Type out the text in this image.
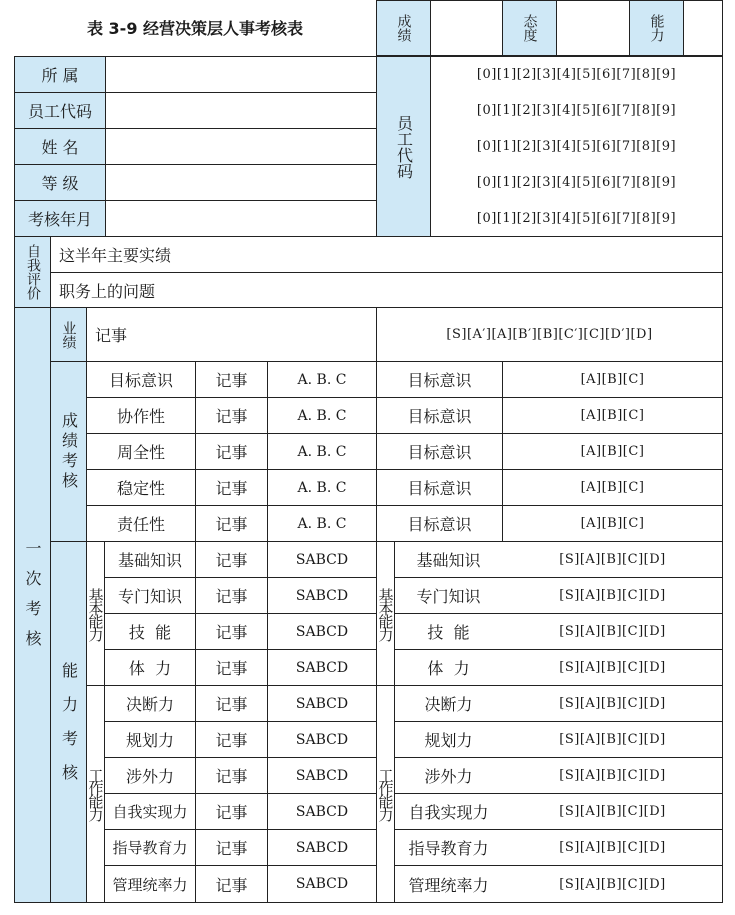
表 3-9 经营决策层人事考核表	成绩	态度	能力
所 属
员工代码
姓 名
等 级
考核年月
员工代码
[0][1][2][3][4][5][6][7][8][9]
[0][1][2][3][4][5][6][7][8][9]
[0][1][2][3][4][5][6][7][8][9]
[0][1][2][3][4][5][6][7][8][9]
[0][1][2][3][4][5][6][7][8][9]
自我评价	这半年主要实绩
职务上的问题
一次考核
业绩	记事	[S][A′][A][B′][B][C′][C][D′][D]
成绩考核
目标意识	记事	A. B. C	目标意识	[A][B][C]
协作性	记事	A. B. C	目标意识	[A][B][C]
周全性	记事	A. B. C	目标意识	[A][B][C]
稳定性	记事	A. B. C	目标意识	[A][B][C]
责任性	记事	A. B. C	目标意识	[A][B][C]
能力考核
基本能力	基本能力
工作能力	工作能力
基础知识	记事	SABCD	基础知识	[S][A][B][C][D]
专门知识	记事	SABCD	专门知识	[S][A][B][C][D]
技  能	记事	SABCD	技  能	[S][A][B][C][D]
体  力	记事	SABCD	体  力	[S][A][B][C][D]
决断力	记事	SABCD	决断力	[S][A][B][C][D]
规划力	记事	SABCD	规划力	[S][A][B][C][D]
涉外力	记事	SABCD	涉外力	[S][A][B][C][D]
自我实现力	记事	SABCD	自我实现力	[S][A][B][C][D]
指导教育力	记事	SABCD	指导教育力	[S][A][B][C][D]
管理统率力	记事	SABCD	管理统率力	[S][A][B][C][D]
